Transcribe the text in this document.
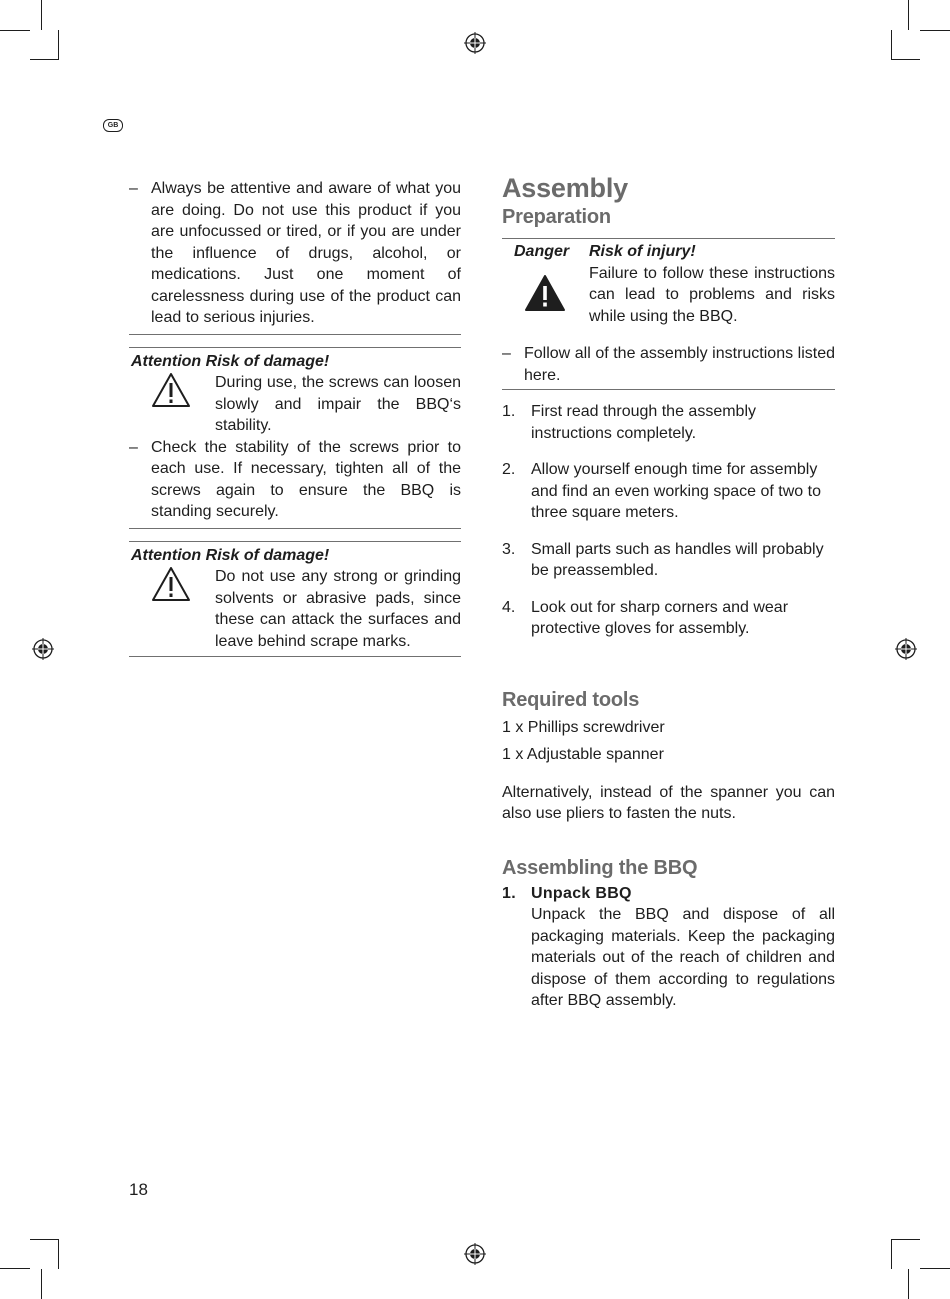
GB
– Always be attentive and aware of what you are doing. Do not use this product if you are unfocussed or tired, or if you are under the influence of drugs, alcohol, or medications. Just one moment of carelessness during use of the product can lead to serious injuries.
Attention Risk of damage!
During use, the screws can loosen slowly and impair the BBQ‘s stability.
– Check the stability of the screws prior to each use. If necessary, tighten all of the screws again to ensure the BBQ is standing securely.
Attention Risk of damage!
Do not use any strong or grinding solvents or abrasive pads, since these can attack the surfaces and leave behind scrape marks.
Assembly
Preparation
Danger Risk of injury!
Failure to follow these instructions can lead to problems and risks while using the BBQ.
– Follow all of the assembly instructions listed here.
1. First read through the assembly instructions completely.
2. Allow yourself enough time for assembly and find an even working space of two to three square meters.
3. Small parts such as handles will probably be preassembled.
4. Look out for sharp corners and wear protective gloves for assembly.
Required tools
1 x Phillips screwdriver
1 x Adjustable spanner
Alternatively, instead of the spanner you can also use pliers to fasten the nuts.
Assembling the BBQ
1. Unpack BBQ
Unpack the BBQ and dispose of all packaging materials. Keep the packaging materials out of the reach of children and dispose of them according to regulations after BBQ assembly.
18
